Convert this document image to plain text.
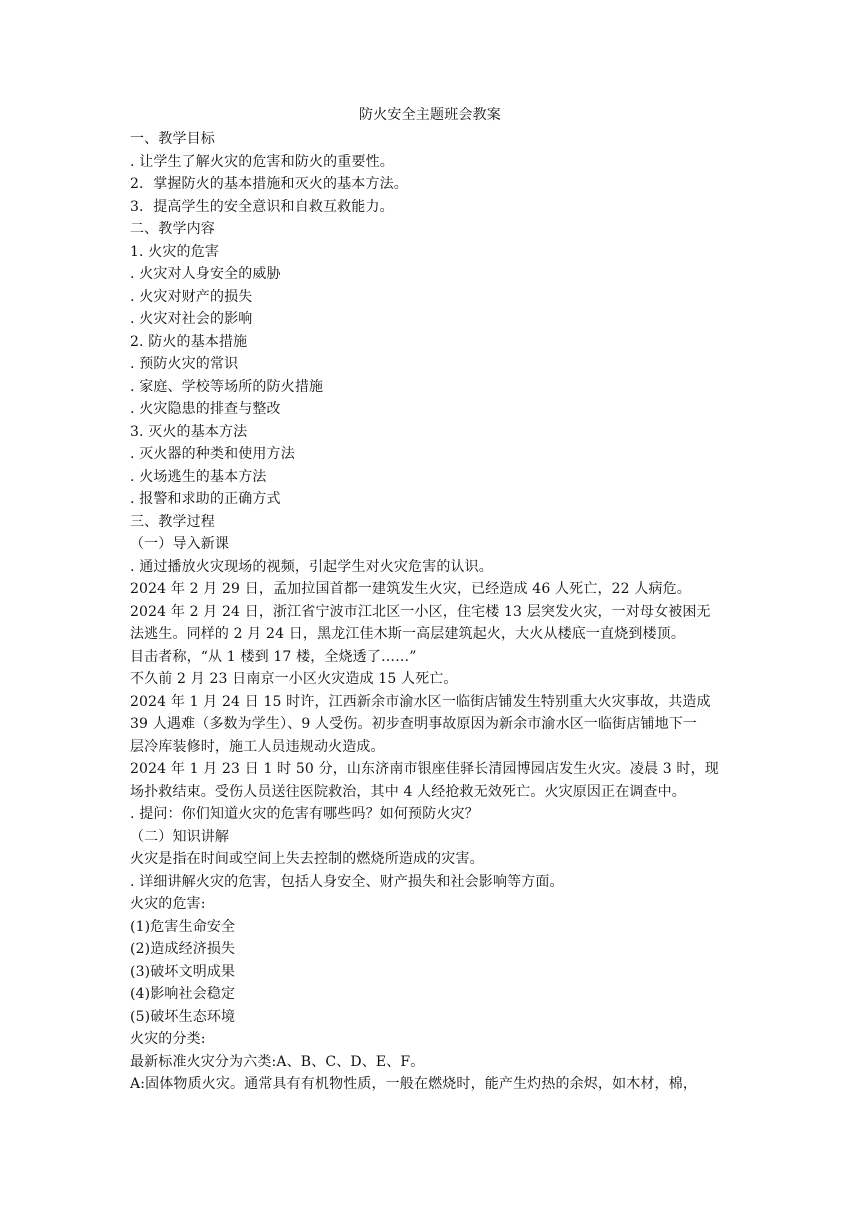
防火安全主题班会教案
一、教学目标
. 让学生了解火灾的危害和防火的重要性。
2．掌握防火的基本措施和灭火的基本方法。
3．提高学生的安全意识和自救互救能力。
二、教学内容
1. 火灾的危害
. 火灾对人身安全的威胁
. 火灾对财产的损失
. 火灾对社会的影响
2. 防火的基本措施
. 预防火灾的常识
. 家庭、学校等场所的防火措施
. 火灾隐患的排查与整改
3. 灭火的基本方法
. 灭火器的种类和使用方法
. 火场逃生的基本方法
. 报警和求助的正确方式
三、教学过程
（一）导入新课
. 通过播放火灾现场的视频，引起学生对火灾危害的认识。
2024 年 2 月 29 日，孟加拉国首都一建筑发生火灾，已经造成 46 人死亡，22 人病危。
2024 年 2 月 24 日，浙江省宁波市江北区一小区，住宅楼 13 层突发火灾，一对母女被困无
法逃生。同样的 2 月 24 日，黑龙江佳木斯一高层建筑起火，大火从楼底一直烧到楼顶。
目击者称，“从 1 楼到 17 楼，全烧透了……”
不久前 2 月 23 日南京一小区火灾造成 15 人死亡。
2024 年 1 月 24 日 15 时许，江西新余市渝水区一临街店铺发生特别重大火灾事故，共造成
39 人遇难（多数为学生）、9 人受伤。初步查明事故原因为新余市渝水区一临街店铺地下一
层冷库装修时，施工人员违规动火造成。
2024 年 1 月 23 日 1 时 50 分，山东济南市银座佳驿长清园博园店发生火灾。凌晨 3 时，现
场扑救结束。受伤人员送往医院救治，其中 4 人经抢救无效死亡。火灾原因正在调查中。
. 提问：你们知道火灾的危害有哪些吗？如何预防火灾？
（二）知识讲解
火灾是指在时间或空间上失去控制的燃烧所造成的灾害。
. 详细讲解火灾的危害，包括人身安全、财产损失和社会影响等方面。
火灾的危害:
(1)危害生命安全
(2)造成经济损失
(3)破坏文明成果
(4)影响社会稳定
(5)破坏生态环境
火灾的分类:
最新标准火灾分为六类:A、B、C、D、E、F。
A:固体物质火灾。通常具有有机物性质，一般在燃烧时，能产生灼热的余烬，如木材，棉，
